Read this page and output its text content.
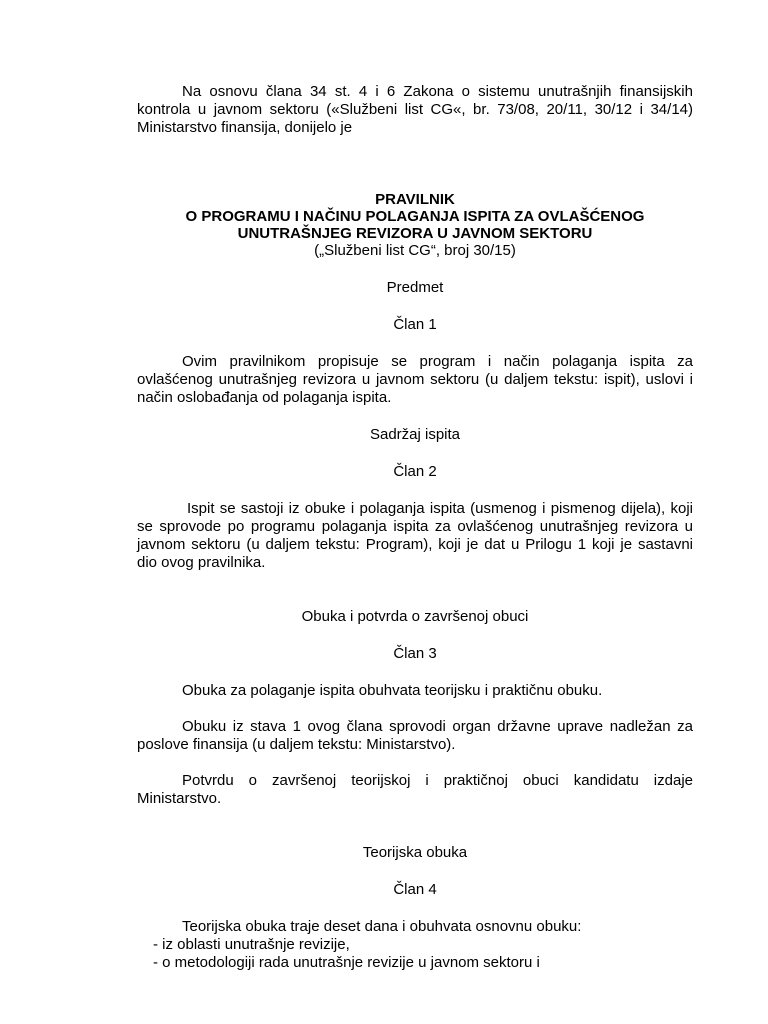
Na osnovu člana 34 st. 4 i 6 Zakona o sistemu unutrašnjih finansijskih kontrola u javnom sektoru («Službeni list CG«, br. 73/08, 20/11, 30/12 i 34/14) Ministarstvo finansija, donijelo je

PRAVILNIK

O PROGRAMU I NAČINU POLAGANJA ISPITA ZA OVLAŠĆENOG

UNUTRAŠNJEG REVIZORA U JAVNOM SEKTORU

(„Službeni list CG“, broj 30/15)

Predmet

Član 1

Ovim pravilnikom propisuje se program i način polaganja ispita za ovlašćenog unutrašnjeg revizora u javnom sektoru (u daljem tekstu: ispit), uslovi i način oslobađanja od polaganja ispita.

Sadržaj ispita

Član 2

Ispit se sastoji iz obuke i polaganja ispita (usmenog i pismenog dijela), koji se sprovode po programu polaganja ispita za ovlašćenog unutrašnjeg revizora u javnom sektoru (u daljem tekstu: Program), koji je dat u Prilogu 1 koji je sastavni dio ovog pravilnika.

Obuka i potvrda o završenoj obuci

Član 3

Obuka za polaganje ispita obuhvata teorijsku i praktičnu obuku.

Obuku iz stava 1 ovog člana sprovodi organ državne uprave nadležan za poslove finansija (u daljem tekstu: Ministarstvo).

Potvrdu o završenoj teorijskoj i praktičnoj obuci kandidatu izdaje Ministarstvo.

Teorijska obuka

Član 4

Teorijska obuka traje deset dana i obuhvata osnovnu obuku:

- iz oblasti unutrašnje revizije,
- o metodologiji rada unutrašnje revizije u javnom sektoru i
